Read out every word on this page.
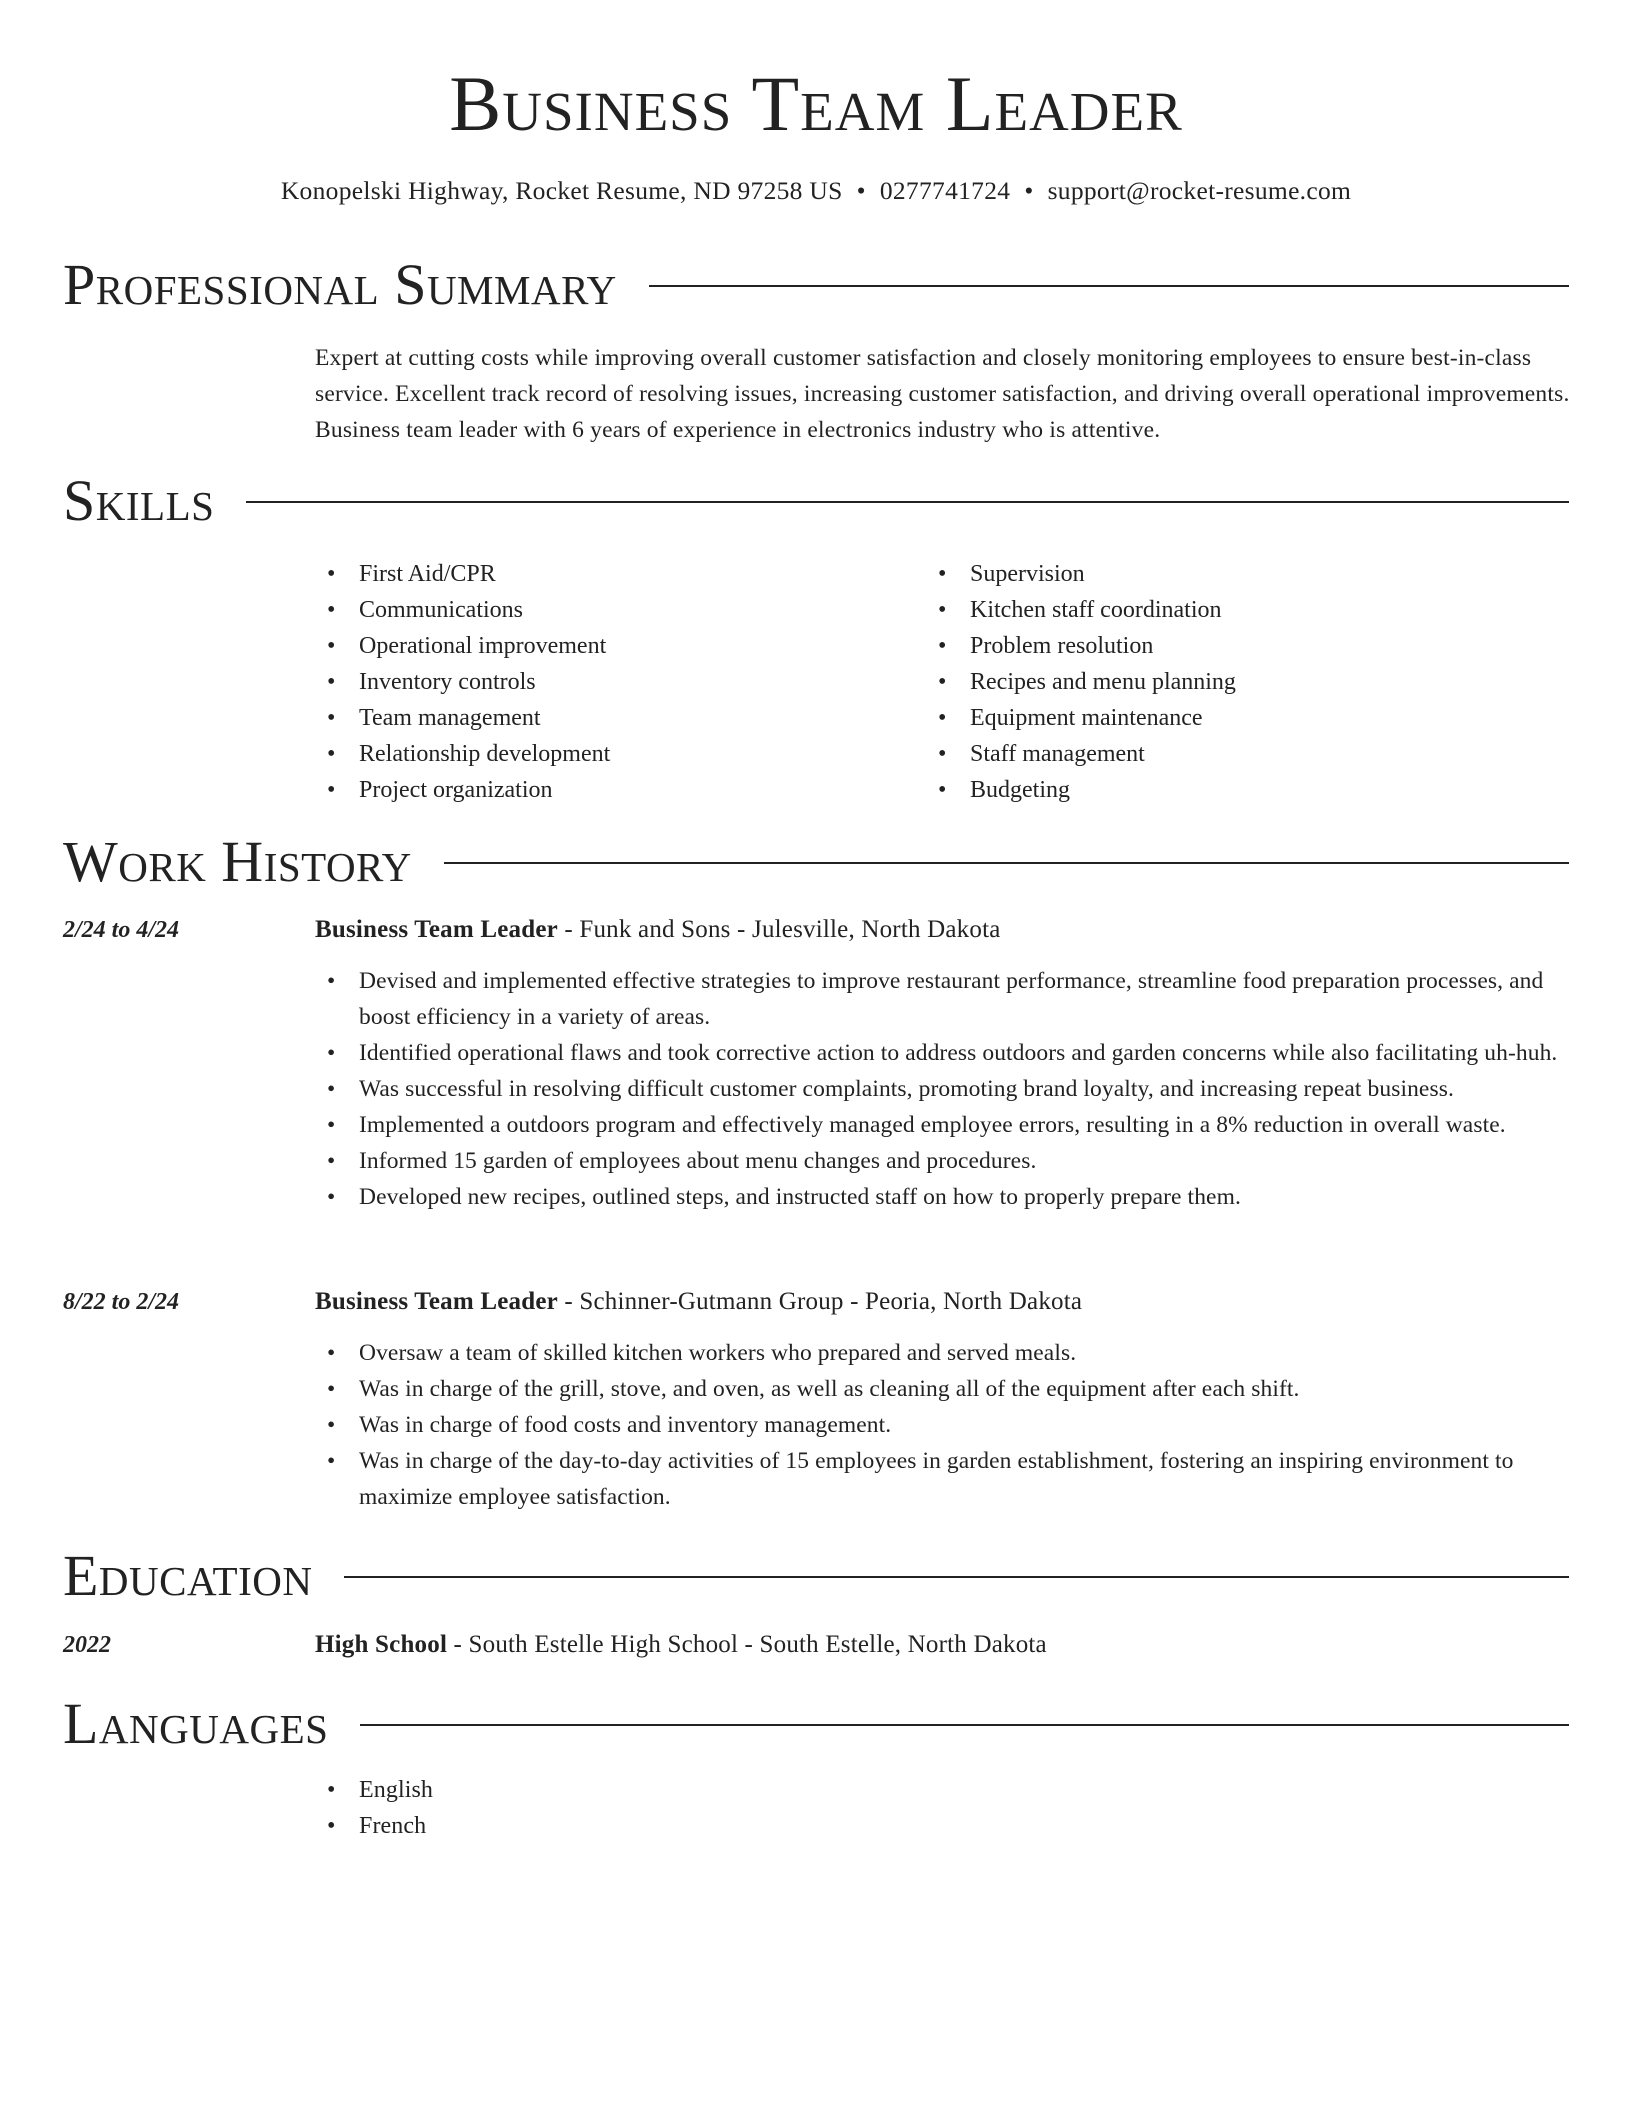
Business Team Leader
Konopelski Highway, Rocket Resume, ND 97258 US • 0277741724 • support@rocket-resume.com
Professional Summary
Expert at cutting costs while improving overall customer satisfaction and closely monitoring employees to ensure best-in-class service. Excellent track record of resolving issues, increasing customer satisfaction, and driving overall operational improvements. Business team leader with 6 years of experience in electronics industry who is attentive.
Skills
• First Aid/CPR
• Communications
• Operational improvement
• Inventory controls
• Team management
• Relationship development
• Project organization
• Supervision
• Kitchen staff coordination
• Problem resolution
• Recipes and menu planning
• Equipment maintenance
• Staff management
• Budgeting
Work History
2/24 to 4/24	Business Team Leader - Funk and Sons - Julesville, North Dakota
• Devised and implemented effective strategies to improve restaurant performance, streamline food preparation processes, and boost efficiency in a variety of areas.
• Identified operational flaws and took corrective action to address outdoors and garden concerns while also facilitating uh-huh.
• Was successful in resolving difficult customer complaints, promoting brand loyalty, and increasing repeat business.
• Implemented a outdoors program and effectively managed employee errors, resulting in a 8% reduction in overall waste.
• Informed 15 garden of employees about menu changes and procedures.
• Developed new recipes, outlined steps, and instructed staff on how to properly prepare them.
8/22 to 2/24	Business Team Leader - Schinner-Gutmann Group - Peoria, North Dakota
• Oversaw a team of skilled kitchen workers who prepared and served meals.
• Was in charge of the grill, stove, and oven, as well as cleaning all of the equipment after each shift.
• Was in charge of food costs and inventory management.
• Was in charge of the day-to-day activities of 15 employees in garden establishment, fostering an inspiring environment to maximize employee satisfaction.
Education
2022	High School - South Estelle High School - South Estelle, North Dakota
Languages
• English
• French
